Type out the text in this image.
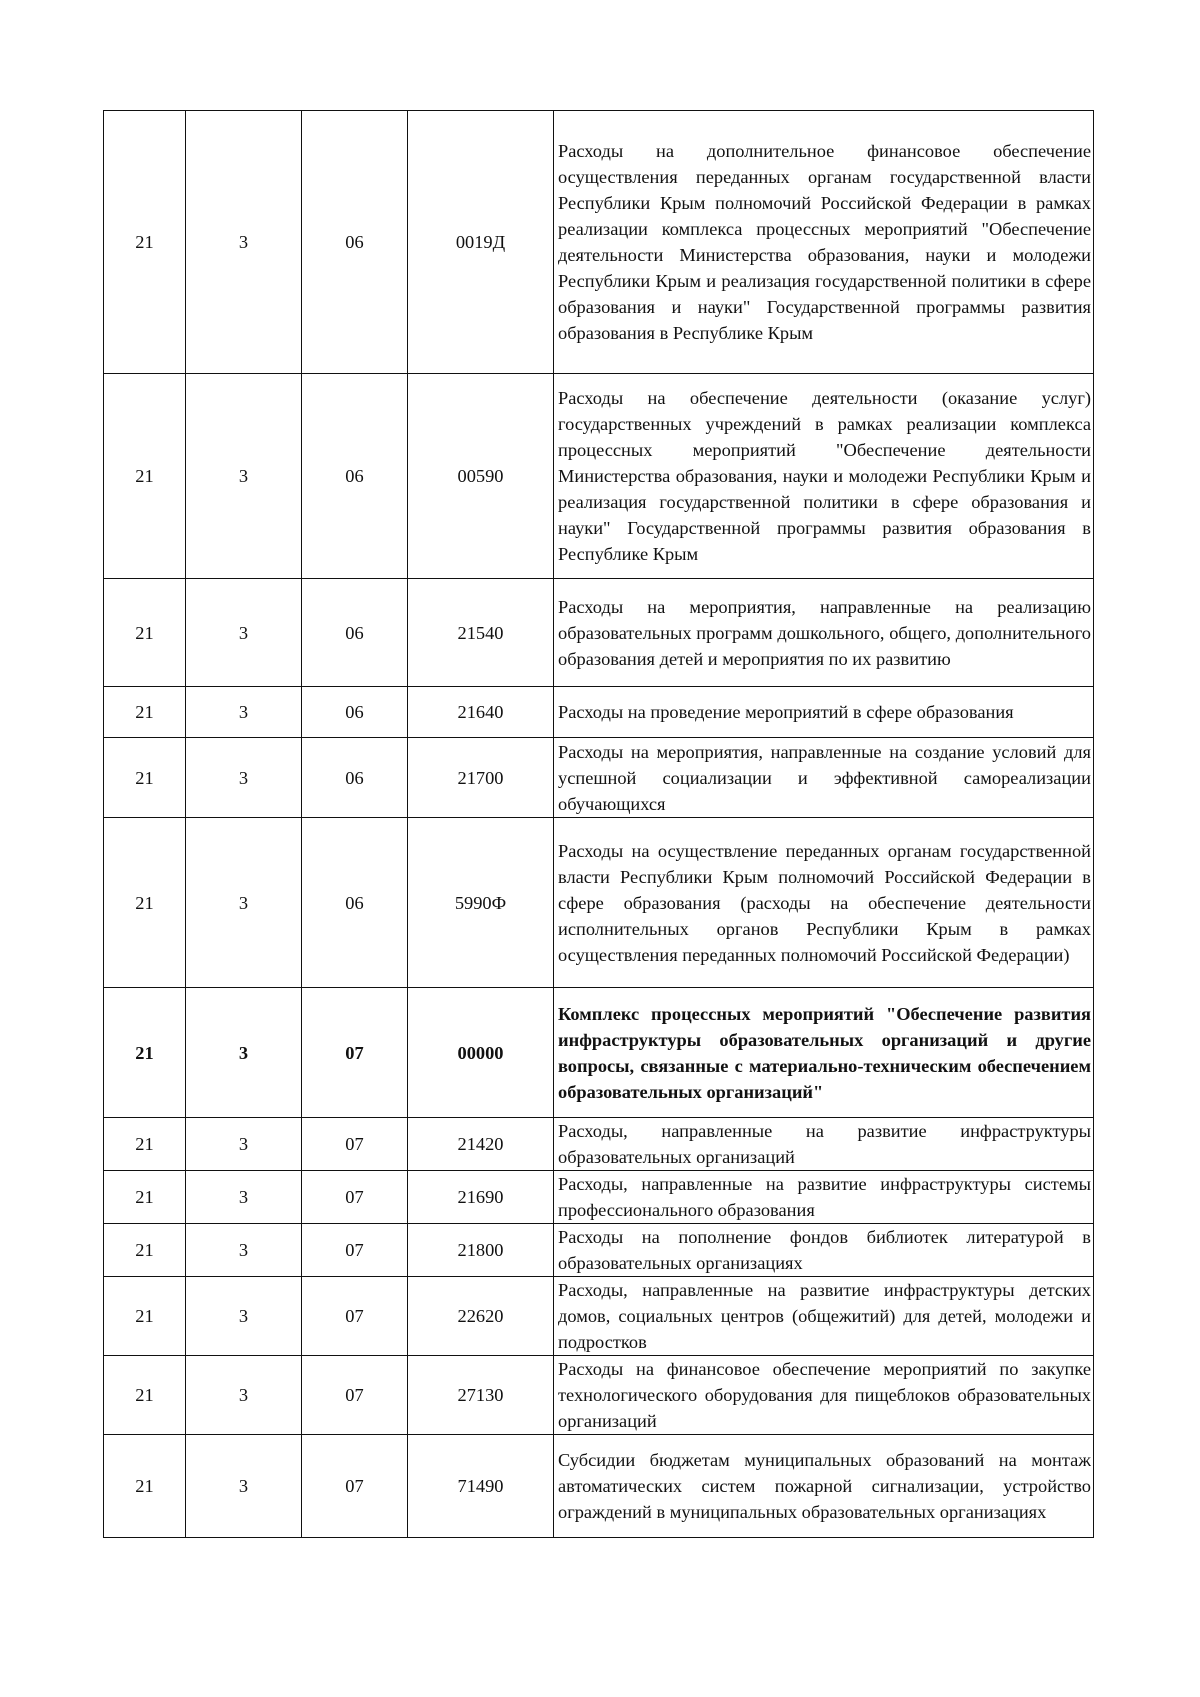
21	3	06	0019Д	Расходы на дополнительное финансовое обеспечение осуществления переданных органам государственной власти Республики Крым полномочий Российской Федерации в рамках реализации комплекса процессных мероприятий "Обеспечение деятельности Министерства образования, науки и молодежи Республики Крым и реализация государственной политики в сфере образования и науки" Государственной программы развития образования в Республике Крым
21	3	06	00590	Расходы на обеспечение деятельности (оказание услуг) государственных учреждений в рамках реализации комплекса процессных мероприятий "Обеспечение деятельности Министерства образования, науки и молодежи Республики Крым и реализация государственной политики в сфере образования и науки" Государственной программы развития образования в Республике Крым
21	3	06	21540	Расходы на мероприятия, направленные на реализацию образовательных программ дошкольного, общего, дополнительного образования детей и мероприятия по их развитию
21	3	06	21640	Расходы на проведение мероприятий в сфере образования
21	3	06	21700	Расходы на мероприятия, направленные на создание условий для успешной социализации и эффективной самореализации обучающихся
21	3	06	5990Ф	Расходы на осуществление переданных органам государственной власти Республики Крым полномочий Российской Федерации в сфере образования (расходы на обеспечение деятельности исполнительных органов Республики Крым в рамках осуществления переданных полномочий Российской Федерации)
21	3	07	00000	Комплекс процессных мероприятий "Обеспечение развития инфраструктуры образовательных организаций и другие вопросы, связанные с материально-техническим обеспечением образовательных организаций"
21	3	07	21420	Расходы, направленные на развитие инфраструктуры образовательных организаций
21	3	07	21690	Расходы, направленные на развитие инфраструктуры системы профессионального образования
21	3	07	21800	Расходы на пополнение фондов библиотек литературой в образовательных организациях
21	3	07	22620	Расходы, направленные на развитие инфраструктуры детских домов, социальных центров (общежитий) для детей, молодежи и подростков
21	3	07	27130	Расходы на финансовое обеспечение мероприятий по закупке технологического оборудования для пищеблоков образовательных организаций
21	3	07	71490	Субсидии бюджетам муниципальных образований на монтаж автоматических систем пожарной сигнализации, устройство ограждений в муниципальных образовательных организациях
